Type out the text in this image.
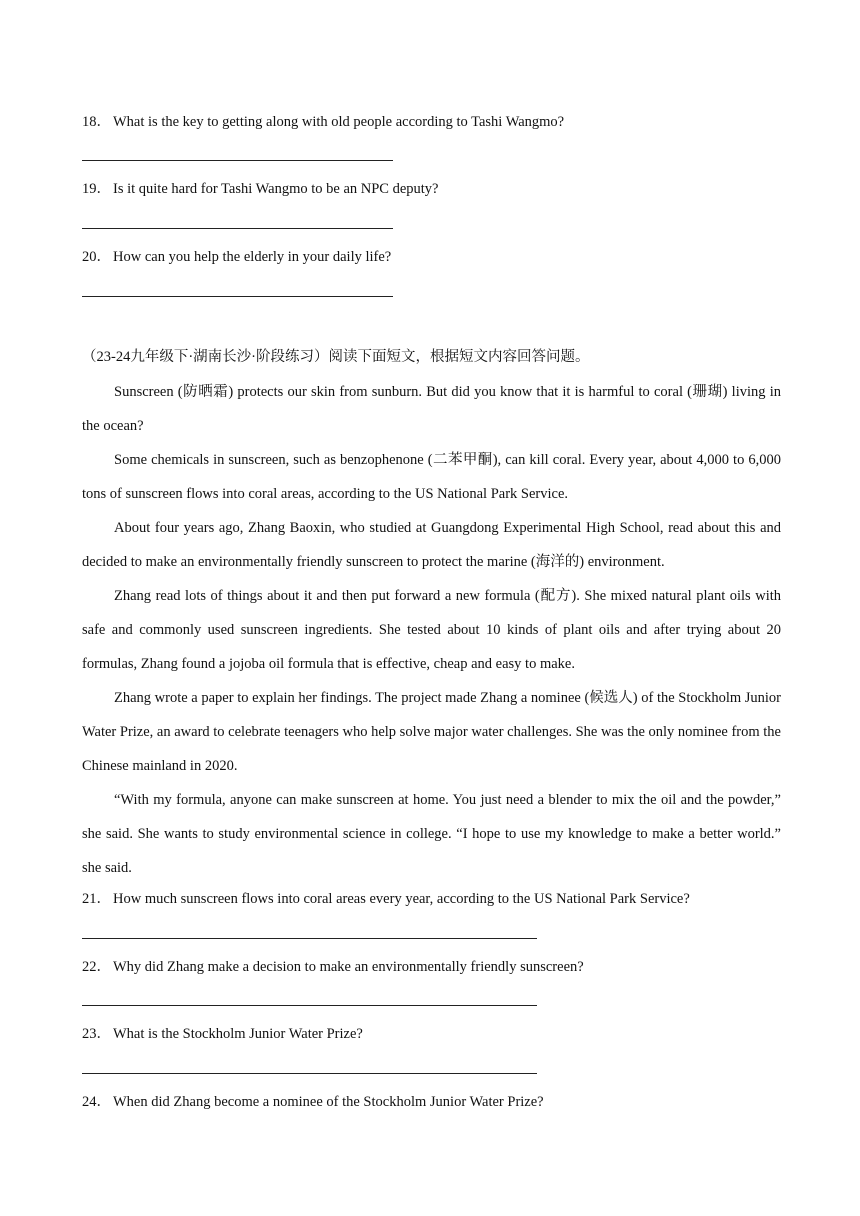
18． What is the key to getting along with old people according to Tashi Wangmo?
19． Is it quite hard for Tashi Wangmo to be an NPC deputy?
20． How can you help the elderly in your daily life?
（23-24九年级下·湖南长沙·阶段练习）阅读下面短文，根据短文内容回答问题。

Sunscreen (防晒霜) protects our skin from sunburn. But did you know that it is harmful to coral (珊瑚) living in the ocean?

Some chemicals in sunscreen, such as benzophenone (二苯甲酮), can kill coral. Every year, about 4,000 to 6,000 tons of sunscreen flows into coral areas, according to the US National Park Service.

About four years ago, Zhang Baoxin, who studied at Guangdong Experimental High School, read about this and decided to make an environmentally friendly sunscreen to protect the marine (海洋的) environment.

Zhang read lots of things about it and then put forward a new formula (配方). She mixed natural plant oils with safe and commonly used sunscreen ingredients. She tested about 10 kinds of plant oils and after trying about 20 formulas, Zhang found a jojoba oil formula that is effective, cheap and easy to make.

Zhang wrote a paper to explain her findings. The project made Zhang a nominee (候选人) of the Stockholm Junior Water Prize, an award to celebrate teenagers who help solve major water challenges. She was the only nominee from the Chinese mainland in 2020.

“With my formula, anyone can make sunscreen at home. You just need a blender to mix the oil and the powder,” she said. She wants to study environmental science in college. “I hope to use my knowledge to make a better world.” she said.

21． How much sunscreen flows into coral areas every year, according to the US National Park Service?
22． Why did Zhang make a decision to make an environmentally friendly sunscreen?
23． What is the Stockholm Junior Water Prize?
24． When did Zhang become a nominee of the Stockholm Junior Water Prize?
